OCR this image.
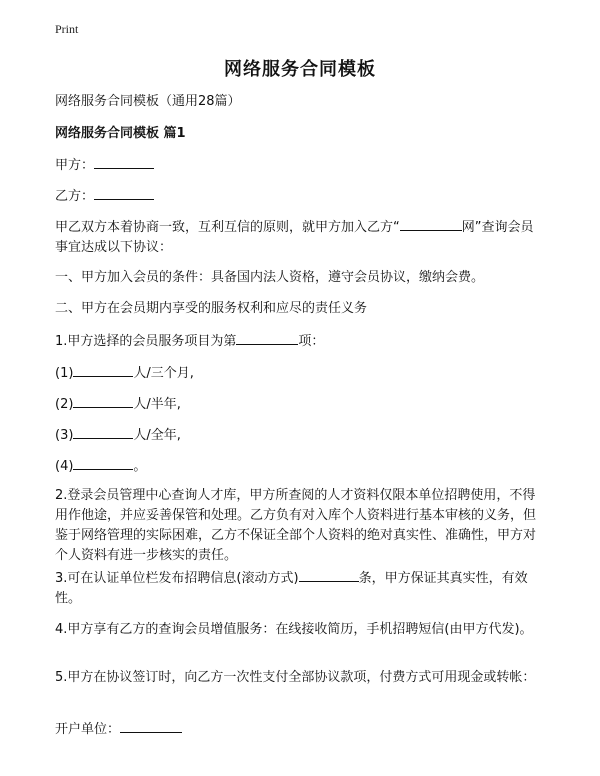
Print
网络服务合同模板
网络服务合同模板（通用28篇）
网络服务合同模板 篇1
甲方：
乙方：
甲乙双方本着协商一致，互利互信的原则，就甲方加入乙方“	网”查询会员事宜达成以下协议：
一、甲方加入会员的条件：具备国内法人资格，遵守会员协议，缴纳会费。
二、甲方在会员期内享受的服务权利和应尽的责任义务
1.甲方选择的会员服务项目为第	项：
(1)	人/三个月,
(2)	人/半年,
(3)	人/全年,
(4)	。
2.登录会员管理中心查询人才库，甲方所查阅的人才资料仅限本单位招聘使用，不得用作他途，并应妥善保管和处理。乙方负有对入库个人资料进行基本审核的义务，但鉴于网络管理的实际困难，乙方不保证全部个人资料的绝对真实性、准确性，甲方对个人资料有进一步核实的责任。
3.可在认证单位栏发布招聘信息(滚动方式)	条，甲方保证其真实性，有效性。
4.甲方享有乙方的查询会员增值服务：在线接收简历，手机招聘短信(由甲方代发)。
5.甲方在协议签订时，向乙方一次性支付全部协议款项，付费方式可用现金或转帐：
开户单位：
